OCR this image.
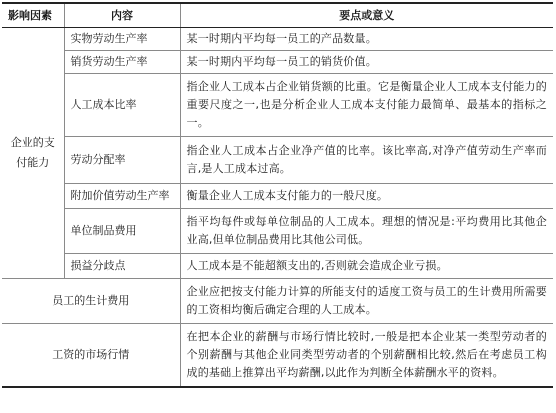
影响因素	内容	要点或意义
企业的支付能力	实物劳动生产率	某一时期内平均每一员工的产品数量。
	销货劳动生产率	某一时期内平均每一员工的销货价值。
	人工成本比率	指企业人工成本占企业销货额的比重。它是衡量企业人工成本支付能力的重要尺度之一,也是分析企业人工成本支付能力最简单、最基本的指标之一。
	劳动分配率	指企业人工成本占企业净产值的比率。该比率高,对净产值劳动生产率而言,是人工成本过高。
	附加价值劳动生产率	衡量企业人工成本支付能力的一般尺度。
	单位制品费用	指平均每件或每单位制品的人工成本。理想的情况是:平均费用比其他企业高,但单位制品费用比其他公司低。
	损益分歧点	人工成本是不能超额支出的,否则就会造成企业亏损。
员工的生计费用		企业应把按支付能力计算的所能支付的适度工资与员工的生计费用所需要的工资相均衡后确定合理的人工成本。
工资的市场行情		在把本企业的薪酬与市场行情比较时,一般是把本企业某一类型劳动者的个别薪酬与其他企业同类型劳动者的个别薪酬相比较,然后在考虑员工构成的基础上推算出平均薪酬,以此作为判断全体薪酬水平的资料。
